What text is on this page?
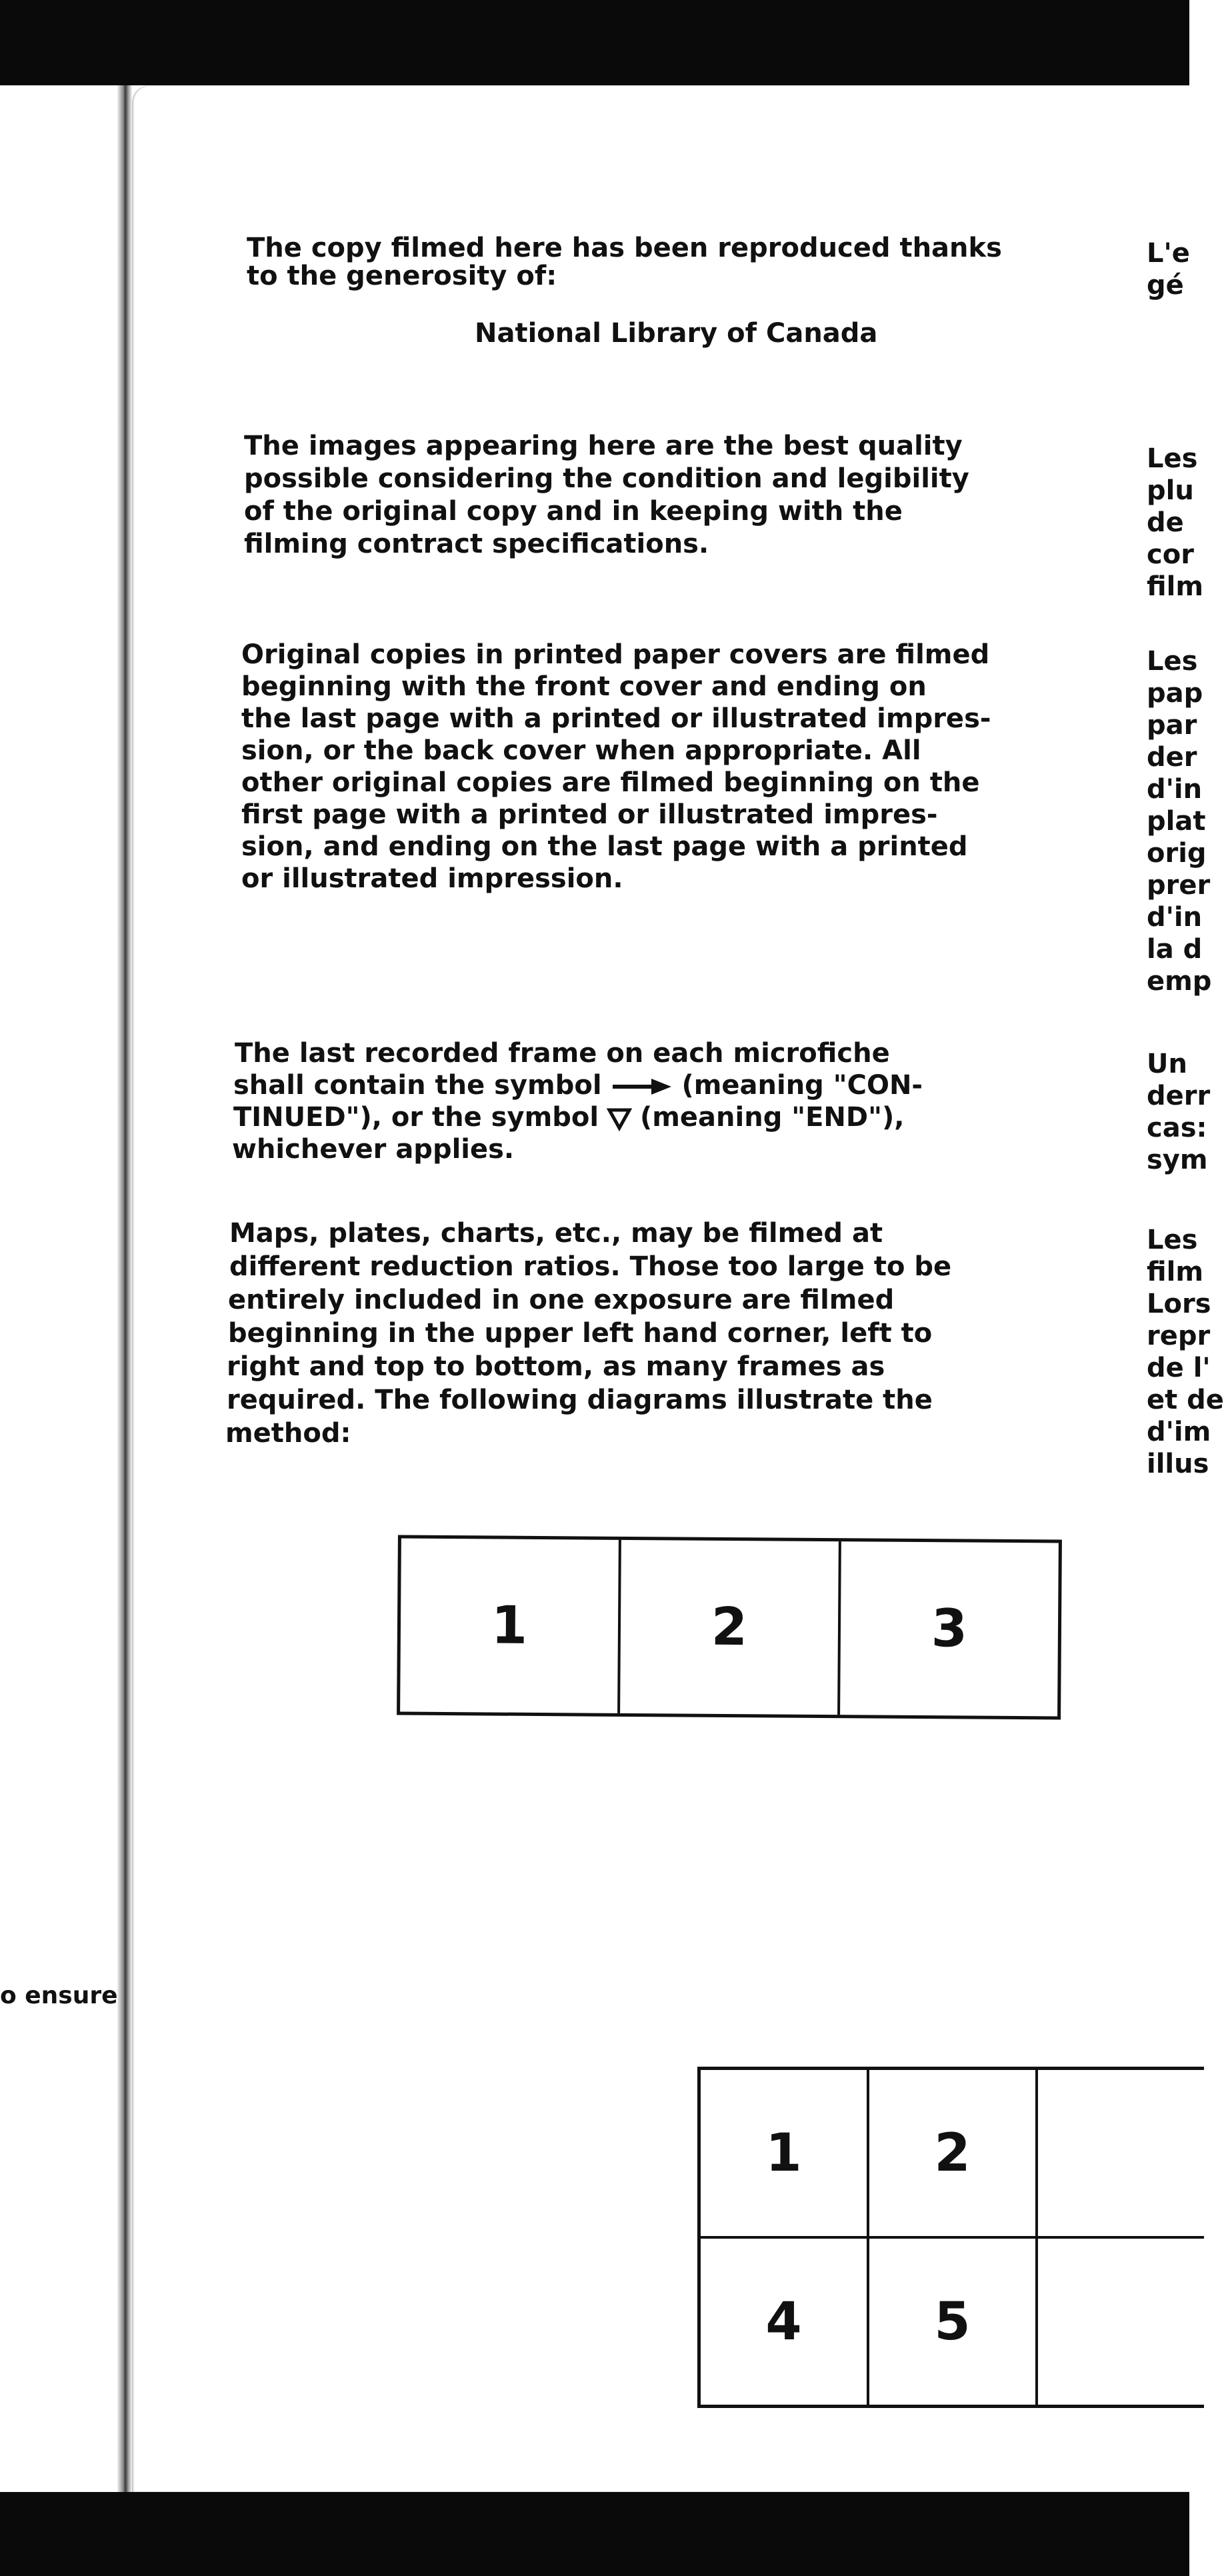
o ensure

The copy filmed here has been reproduced thanks

to the generosity of:

National Library of Canada

The images appearing here are the best quality

possible considering the condition and legibility

of the original copy and in keeping with the

filming contract specifications.

Original copies in printed paper covers are filmed

beginning with the front cover and ending on

the last page with a printed or illustrated impres-

sion, or the back cover when appropriate. All

other original copies are filmed beginning on the

first page with a printed or illustrated impres-

sion, and ending on the last page with a printed

or illustrated impression.

The last recorded frame on each microfiche

shall contain the symbol	(meaning "CON-

TINUED"), or the symbol (meaning "END"),

whichever applies.

Maps, plates, charts, etc., may be filmed at

different reduction ratios. Those too large to be

entirely included in one exposure are filmed

beginning in the upper left hand corner, left to

right and top to bottom, as many frames as

required. The following diagrams illustrate the

method:

1	2	3
1	2
4	5
L'e
gé
Les
plu
de
cor
film
Les
pap
par
der
d'in
plat
orig
prer
d'in
la d
emp
Un
derr
cas:
sym
Les
film
Lors
repr
de l'
et de
d'im
illus
